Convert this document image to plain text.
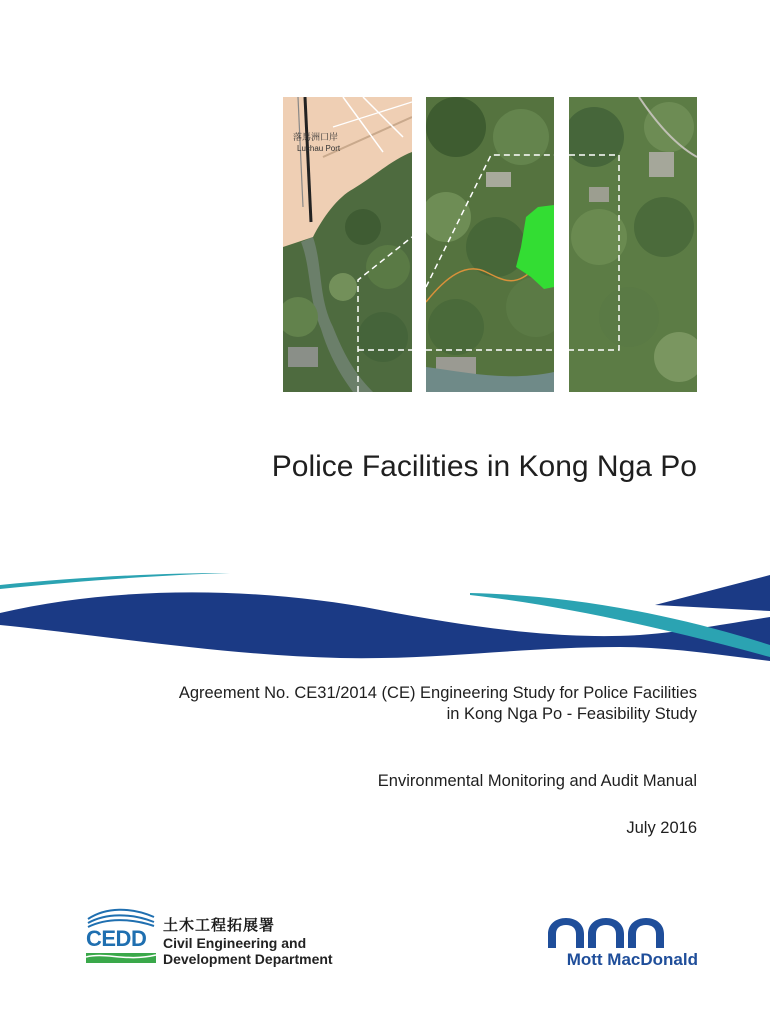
落馬洲口岸
Luchau Port
Police Facilities in Kong Nga Po
Agreement No. CE31/2014 (CE) Engineering Study for Police Facilities
in Kong Nga Po - Feasibility Study
Environmental Monitoring and Audit Manual
July 2016
CEDD
土木工程拓展署
Civil Engineering and
Development Department	Mott MacDonald
